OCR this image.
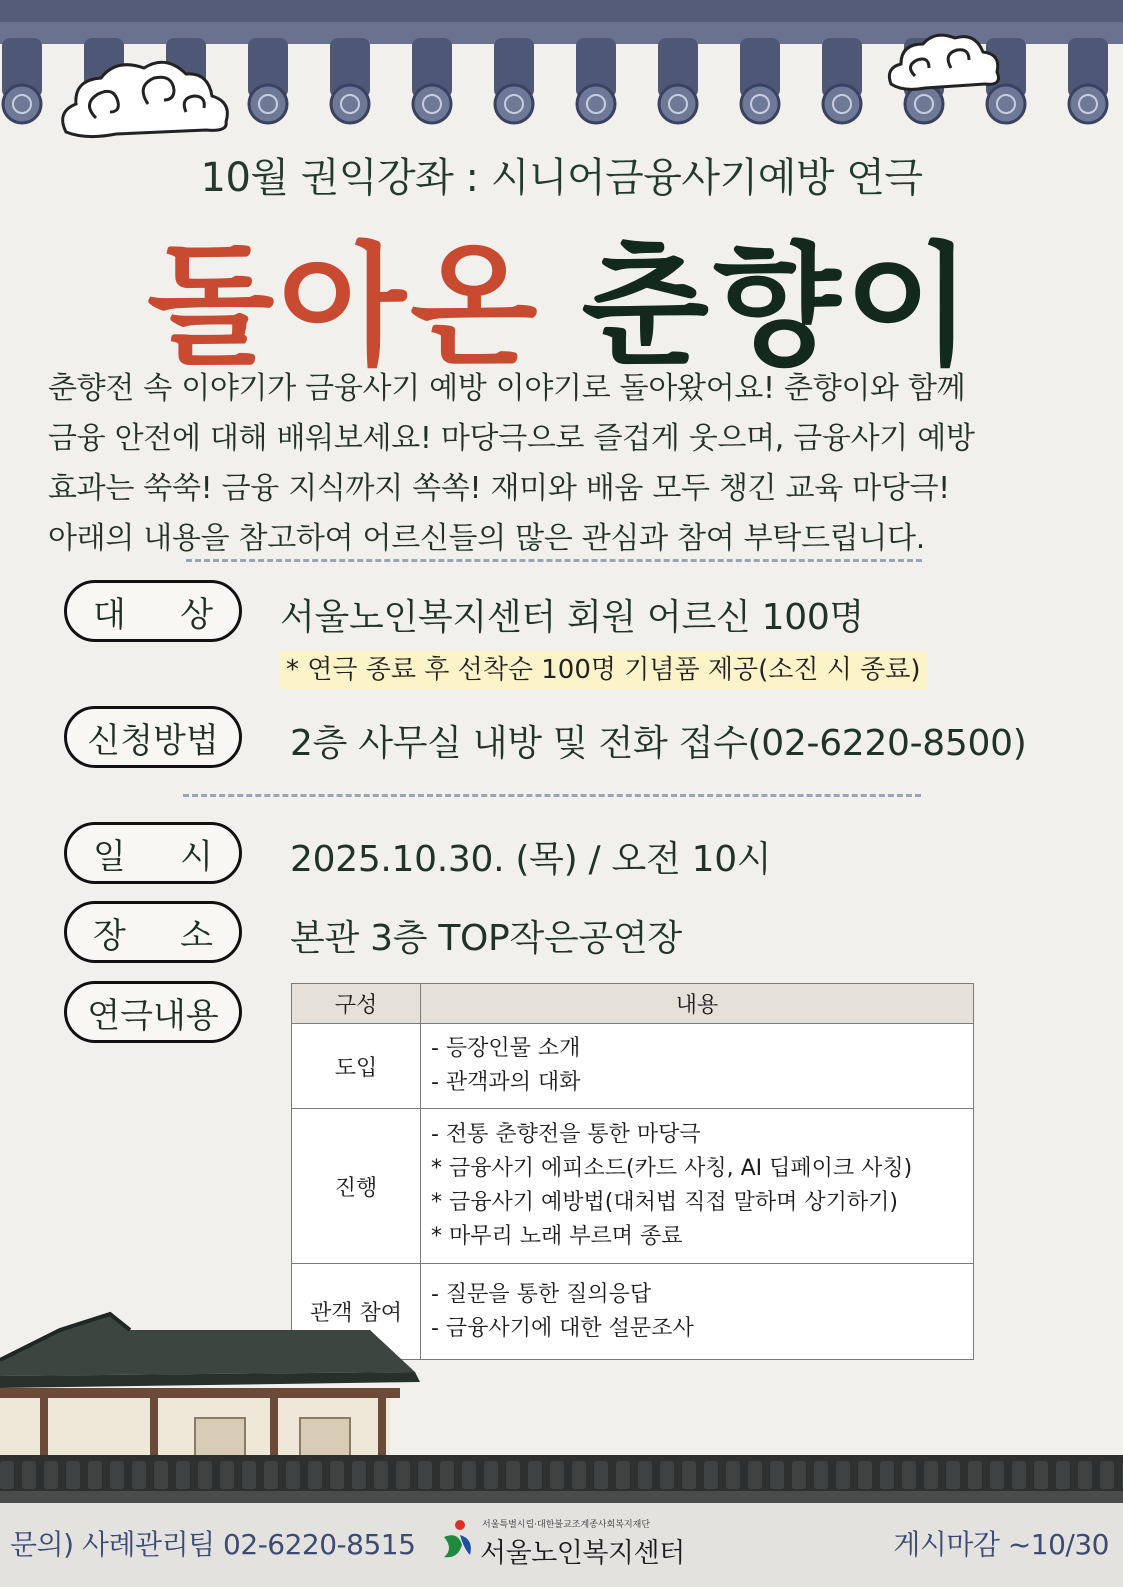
10월 권익강좌 : 시니어금융사기예방 연극
돌아온 춘향이

춘향전 속 이야기가 금융사기 예방 이야기로 돌아왔어요! 춘향이와 함께

금융 안전에 대해 배워보세요! 마당극으로 즐겁게 웃으며, 금융사기 예방

효과는 쑥쑥! 금융 지식까지 쏙쏙! 재미와 배움 모두 챙긴 교육 마당극!

아래의 내용을 참고하여 어르신들의 많은 관심과 참여 부탁드립니다.

대 상 서울노인복지센터 회원 어르신 100명
* 연극 종료 후 선착순 100명 기념품 제공(소진 시 종료)
신청방법 2층 사무실 내방 및 전화 접수(02-6220-8500)
일 시 2025.10.30. (목) / 오전 10시
장 소 본관 3층 TOP작은공연장
연극내용	구성	내용
도입	- 등장인물 소개
- 관객과의 대화

진행	- 전통 춘향전을 통한 마당극
* 금융사기 에피소드(카드 사칭, AI 딥페이크 사칭)
* 금융사기 예방법(대처법 직접 말하며 상기하기)
* 마무리 노래 부르며 종료

관객 참여	- 질문을 통한 질의응답
- 금융사기에 대한 설문조사
문의) 사례관리팀 02-6220-8515
서울특별시립·대한불교조계종사회복지재단
서울노인복지센터	게시마감 ~10/30
